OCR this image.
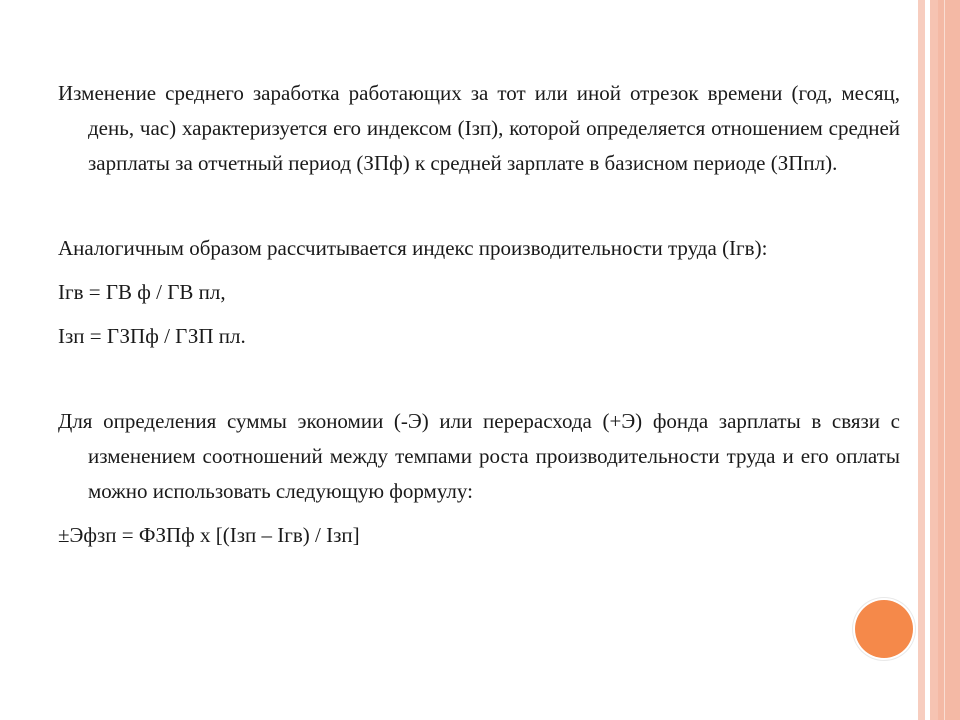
Изменение среднего заработка работающих за тот или иной отрезок времени (год, месяц, день, час) характеризуется его индексом (Iзп), которой определяется отношением средней зарплаты за отчетный период (ЗПф) к средней зарплате в базисном периоде (ЗПпл).

Аналогичным образом рассчитывается индекс производительности труда (Iгв):

Iгв = ГВ ф / ГВ пл,

Iзп = ГЗПф / ГЗП пл.

Для определения суммы экономии (-Э) или перерасхода (+Э) фонда зарплаты в связи с изменением соотношений между темпами роста производительности труда и его оплаты можно использовать следующую формулу:

±Эфзп = ФЗПф х [(Iзп – Iгв) / Iзп]
